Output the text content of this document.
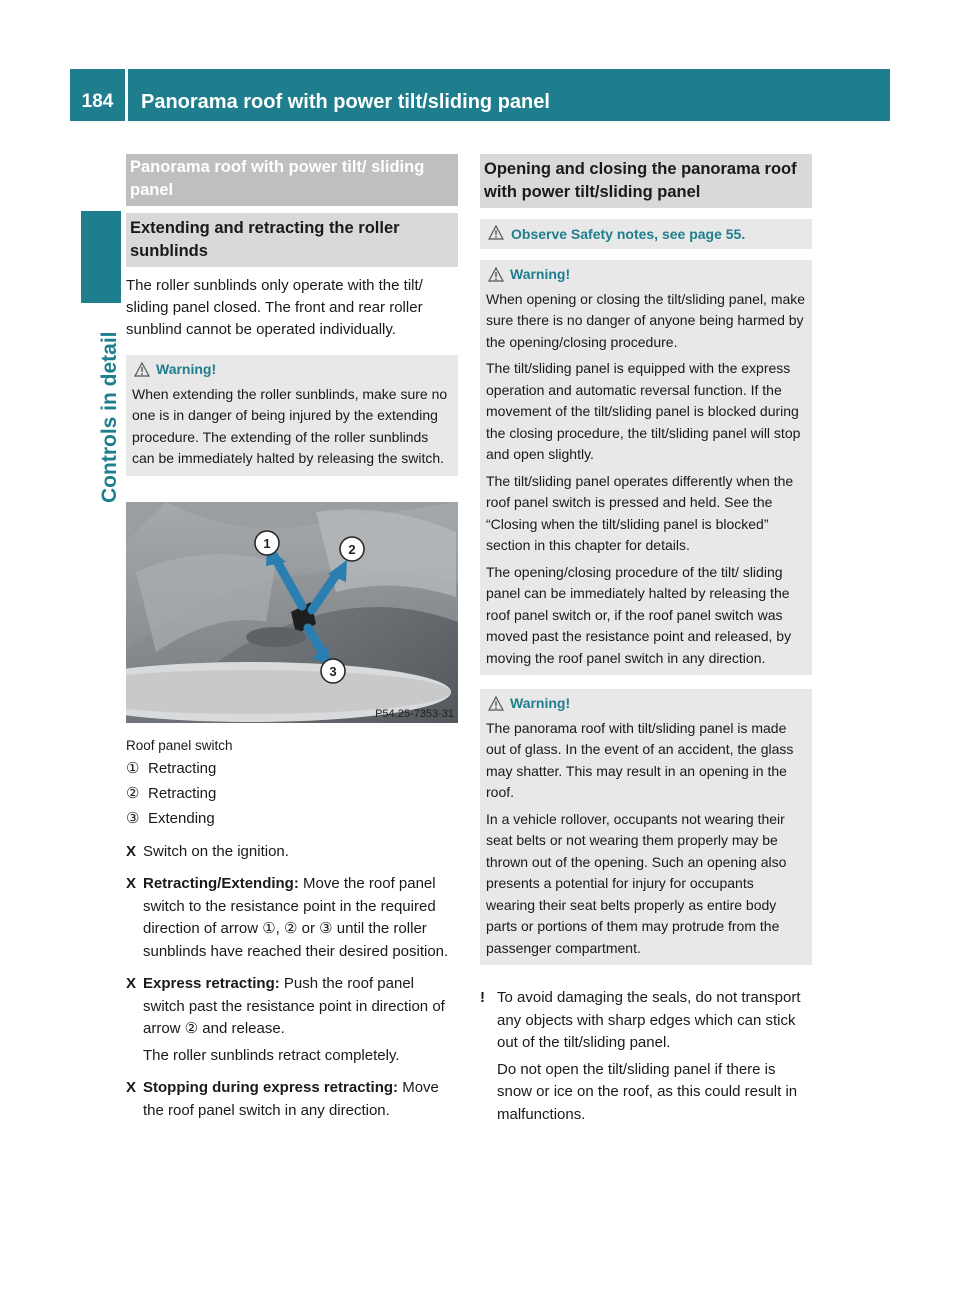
184	Panorama roof with power tilt/sliding panel
Controls in detail
Panorama roof with power tilt/ sliding panel
Extending and retracting the roller sunblinds

The roller sunblinds only operate with the tilt/ sliding panel closed. The front and rear roller sunblind cannot be operated individually.

Warning!

When extending the roller sunblinds, make sure no one is in danger of being injured by the extending procedure. The extending of the roller sunblinds can be immediately halted by releasing the switch.

1	2
3
P54.25-7353-31
Roof panel switch
① Retracting
② Retracting
③ Extending
X Switch on the ignition.
X Retracting/Extending: Move the roof panel switch to the resistance point in the required direction of arrow ①, ② or ③ until the roller sunblinds have reached their desired position.
X Express retracting: Push the roof panel switch past the resistance point in direction of arrow ② and release.
The roller sunblinds retract completely.
X Stopping during express retracting: Move the roof panel switch in any direction.
Opening and closing the panorama roof with power tilt/sliding panel
Observe Safety notes, see page 55.
Warning!

When opening or closing the tilt/sliding panel, make sure there is no danger of anyone being harmed by the opening/closing procedure.

The tilt/sliding panel is equipped with the express operation and automatic reversal function. If the movement of the tilt/sliding panel is blocked during the closing procedure, the tilt/sliding panel will stop and open slightly.

The tilt/sliding panel operates differently when the roof panel switch is pressed and held. See the “Closing when the tilt/sliding panel is blocked” section in this chapter for details.

The opening/closing procedure of the tilt/ sliding panel can be immediately halted by releasing the roof panel switch or, if the roof panel switch was moved past the resistance point and released, by moving the roof panel switch in any direction.

Warning!

The panorama roof with tilt/sliding panel is made out of glass. In the event of an accident, the glass may shatter. This may result in an opening in the roof.

In a vehicle rollover, occupants not wearing their seat belts or not wearing them properly may be thrown out of the opening. Such an opening also presents a potential for injury for occupants wearing their seat belts properly as entire body parts or portions of them may protrude from the passenger compartment.

! To avoid damaging the seals, do not transport any objects with sharp edges which can stick out of the tilt/sliding panel.

Do not open the tilt/sliding panel if there is snow or ice on the roof, as this could result in malfunctions.
